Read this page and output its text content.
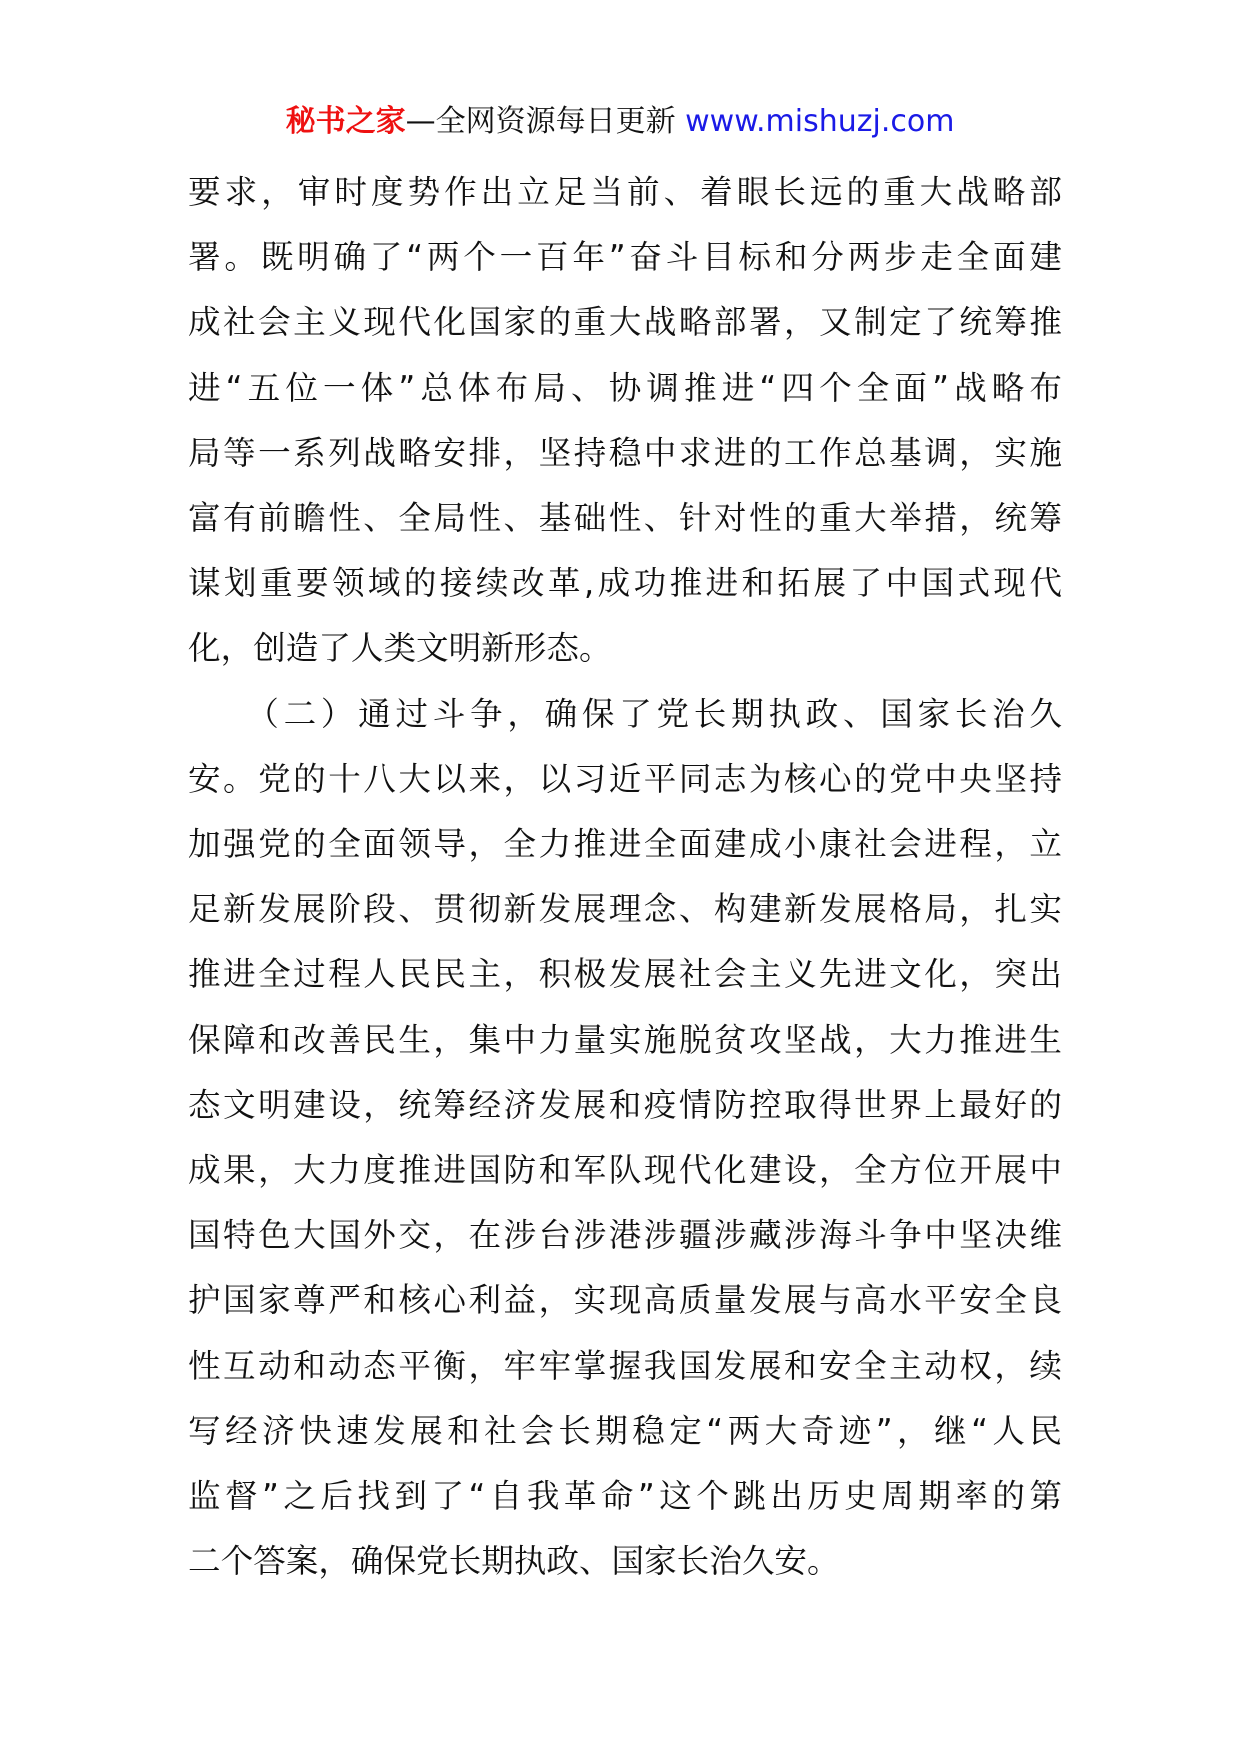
秘书之家—全网资源每日更新 www.mishuzj.com
要求，审时度势作出立足当前、着眼长远的重大战略部
署。既明确了“两个一百年”奋斗目标和分两步走全面建
成社会主义现代化国家的重大战略部署，又制定了统筹推
进“五位一体”总体布局、协调推进“四个全面”战略布
局等一系列战略安排，坚持稳中求进的工作总基调，实施
富有前瞻性、全局性、基础性、针对性的重大举措，统筹
谋划重要领域的接续改革,成功推进和拓展了中国式现代
化，创造了人类文明新形态。
　　（二）通过斗争，确保了党长期执政、国家长治久
安。党的十八大以来，以习近平同志为核心的党中央坚持
加强党的全面领导，全力推进全面建成小康社会进程，立
足新发展阶段、贯彻新发展理念、构建新发展格局，扎实
推进全过程人民民主，积极发展社会主义先进文化，突出
保障和改善民生，集中力量实施脱贫攻坚战，大力推进生
态文明建设，统筹经济发展和疫情防控取得世界上最好的
成果，大力度推进国防和军队现代化建设，全方位开展中
国特色大国外交，在涉台涉港涉疆涉藏涉海斗争中坚决维
护国家尊严和核心利益，实现高质量发展与高水平安全良
性互动和动态平衡，牢牢掌握我国发展和安全主动权，续
写经济快速发展和社会长期稳定“两大奇迹”，继“人民
监督”之后找到了“自我革命”这个跳出历史周期率的第
二个答案，确保党长期执政、国家长治久安。
